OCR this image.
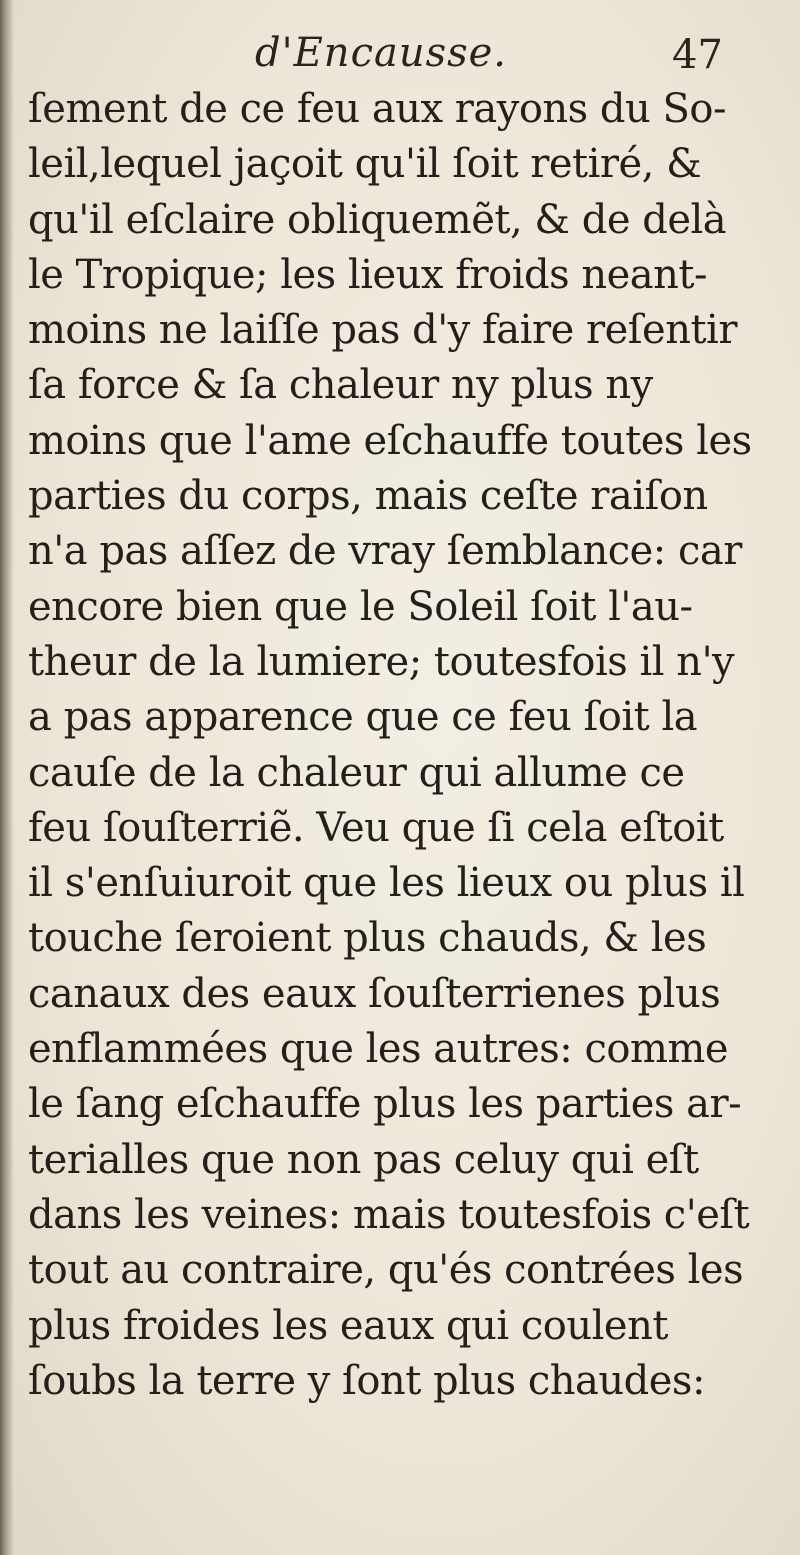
d'Encausse.	47
ſement de ce feu aux rayons du So-
leil,lequel jaçoit qu'il ſoit retiré, &
qu'il eſclaire obliquemẽt, & de delà
le Tropique; les lieux froids neant-
moins ne laiſſe pas d'y faire reſentir
ſa force & ſa chaleur ny plus ny
moins que l'ame eſchauffe toutes les
parties du corps, mais ceſte raiſon
n'a pas aſſez de vray ſemblance: car
encore bien que le Soleil ſoit l'au-
theur de la lumiere; toutesfois il n'y
a pas apparence que ce feu ſoit la
cauſe de la chaleur qui allume ce
feu ſouſterriẽ. Veu que ſi cela eſtoit
il s'enſuiuroit que les lieux ou plus il
touche ſeroient plus chauds, & les
canaux des eaux ſouſterrienes plus
enflammées que les autres: comme
le ſang eſchauffe plus les parties ar-
terialles que non pas celuy qui eſt
dans les veines: mais toutesfois c'eſt
tout au contraire, qu'és contrées les
plus froides les eaux qui coulent
ſoubs la terre y ſont plus chaudes:
